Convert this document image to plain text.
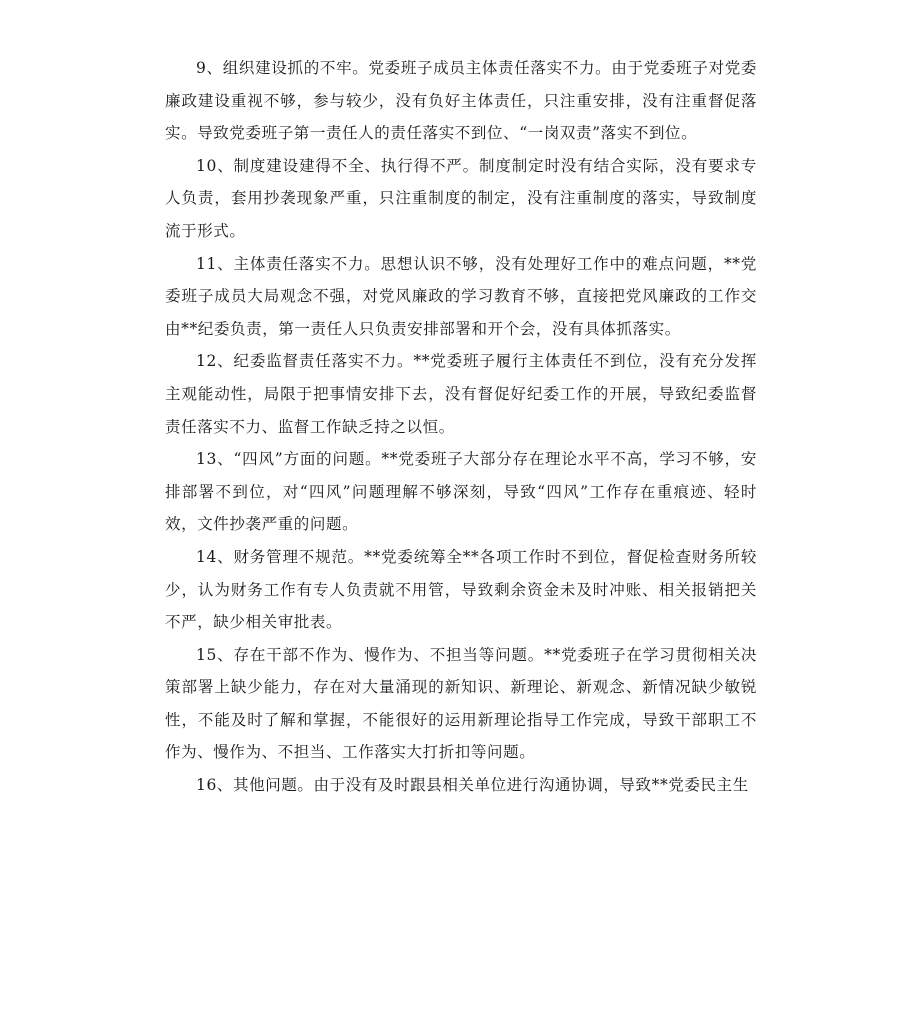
9、组织建设抓的不牢。党委班子成员主体责任落实不力。由于党委班子对党委廉政建设重视不够，参与较少，没有负好主体责任，只注重安排，没有注重督促落实。导致党委班子第一责任人的责任落实不到位、“一岗双责”落实不到位。

10、制度建设建得不全、执行得不严。制度制定时没有结合实际，没有要求专人负责，套用抄袭现象严重，只注重制度的制定，没有注重制度的落实，导致制度流于形式。

11、主体责任落实不力。思想认识不够，没有处理好工作中的难点问题，**党委班子成员大局观念不强，对党风廉政的学习教育不够，直接把党风廉政的工作交由**纪委负责，第一责任人只负责安排部署和开个会，没有具体抓落实。

12、纪委监督责任落实不力。**党委班子履行主体责任不到位，没有充分发挥主观能动性，局限于把事情安排下去，没有督促好纪委工作的开展，导致纪委监督责任落实不力、监督工作缺乏持之以恒。

13、“四风”方面的问题。**党委班子大部分存在理论水平不高，学习不够，安排部署不到位，对“四风”问题理解不够深刻，导致“四风”工作存在重痕迹、轻时效，文件抄袭严重的问题。

14、财务管理不规范。**党委统筹全**各项工作时不到位，督促检查财务所较少，认为财务工作有专人负责就不用管，导致剩余资金未及时冲账、相关报销把关不严，缺少相关审批表。

15、存在干部不作为、慢作为、不担当等问题。**党委班子在学习贯彻相关决策部署上缺少能力，存在对大量涌现的新知识、新理论、新观念、新情况缺少敏锐性，不能及时了解和掌握，不能很好的运用新理论指导工作完成，导致干部职工不作为、慢作为、不担当、工作落实大打折扣等问题。

16、其他问题。由于没有及时跟县相关单位进行沟通协调，导致**党委民主生
